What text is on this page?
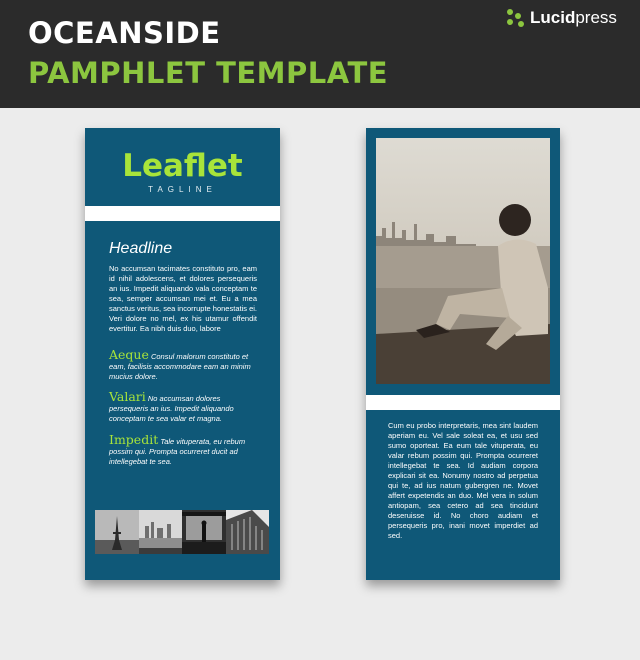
OCEANSIDE
PAMPHLET TEMPLATE
Lucidpress
Leaflet
TAGLINE
Headline
No accumsan tacimates constituto pro, eam id nihil adolescens, et dolores persequeris an ius. Impedit aliquando vala conceptam te sea, semper accumsan mei et. Eu a mea sanctus veritus, sea incorrupte honestatis ei. Veri dolore no mel, ex his utamur offendit evertitur. Ea nibh duis duo, labore
Aeque Consul malorum constituto et eam, facilisis accommodare eam an minim mucius dolore.
Valari No accumsan dolores persequeris an ius. Impedit aliquando conceptam te sea valar et magna.
Impedit Tale vituperata, eu rebum possim qui. Prompta ocurreret ducit ad intellegebat te sea.
Cum eu probo interpretaris, mea sint laudem aperiam eu. Vel sale soleat ea, et usu sed sumo oporteat. Ea eum tale vituperata, eu valar rebum possim qui. Prompta ocurreret intellegebat te sea. Id audiam corpora explicari sit ea. Nonumy nostro ad perpetua qui te, ad ius natum gubergren ne. Movet affert expetendis an duo. Mel vera in solum antiopam, sea cetero ad sea tincidunt deseruisse id. No choro audiam et persequeris pro, inani movet imperdiet ad sed.
